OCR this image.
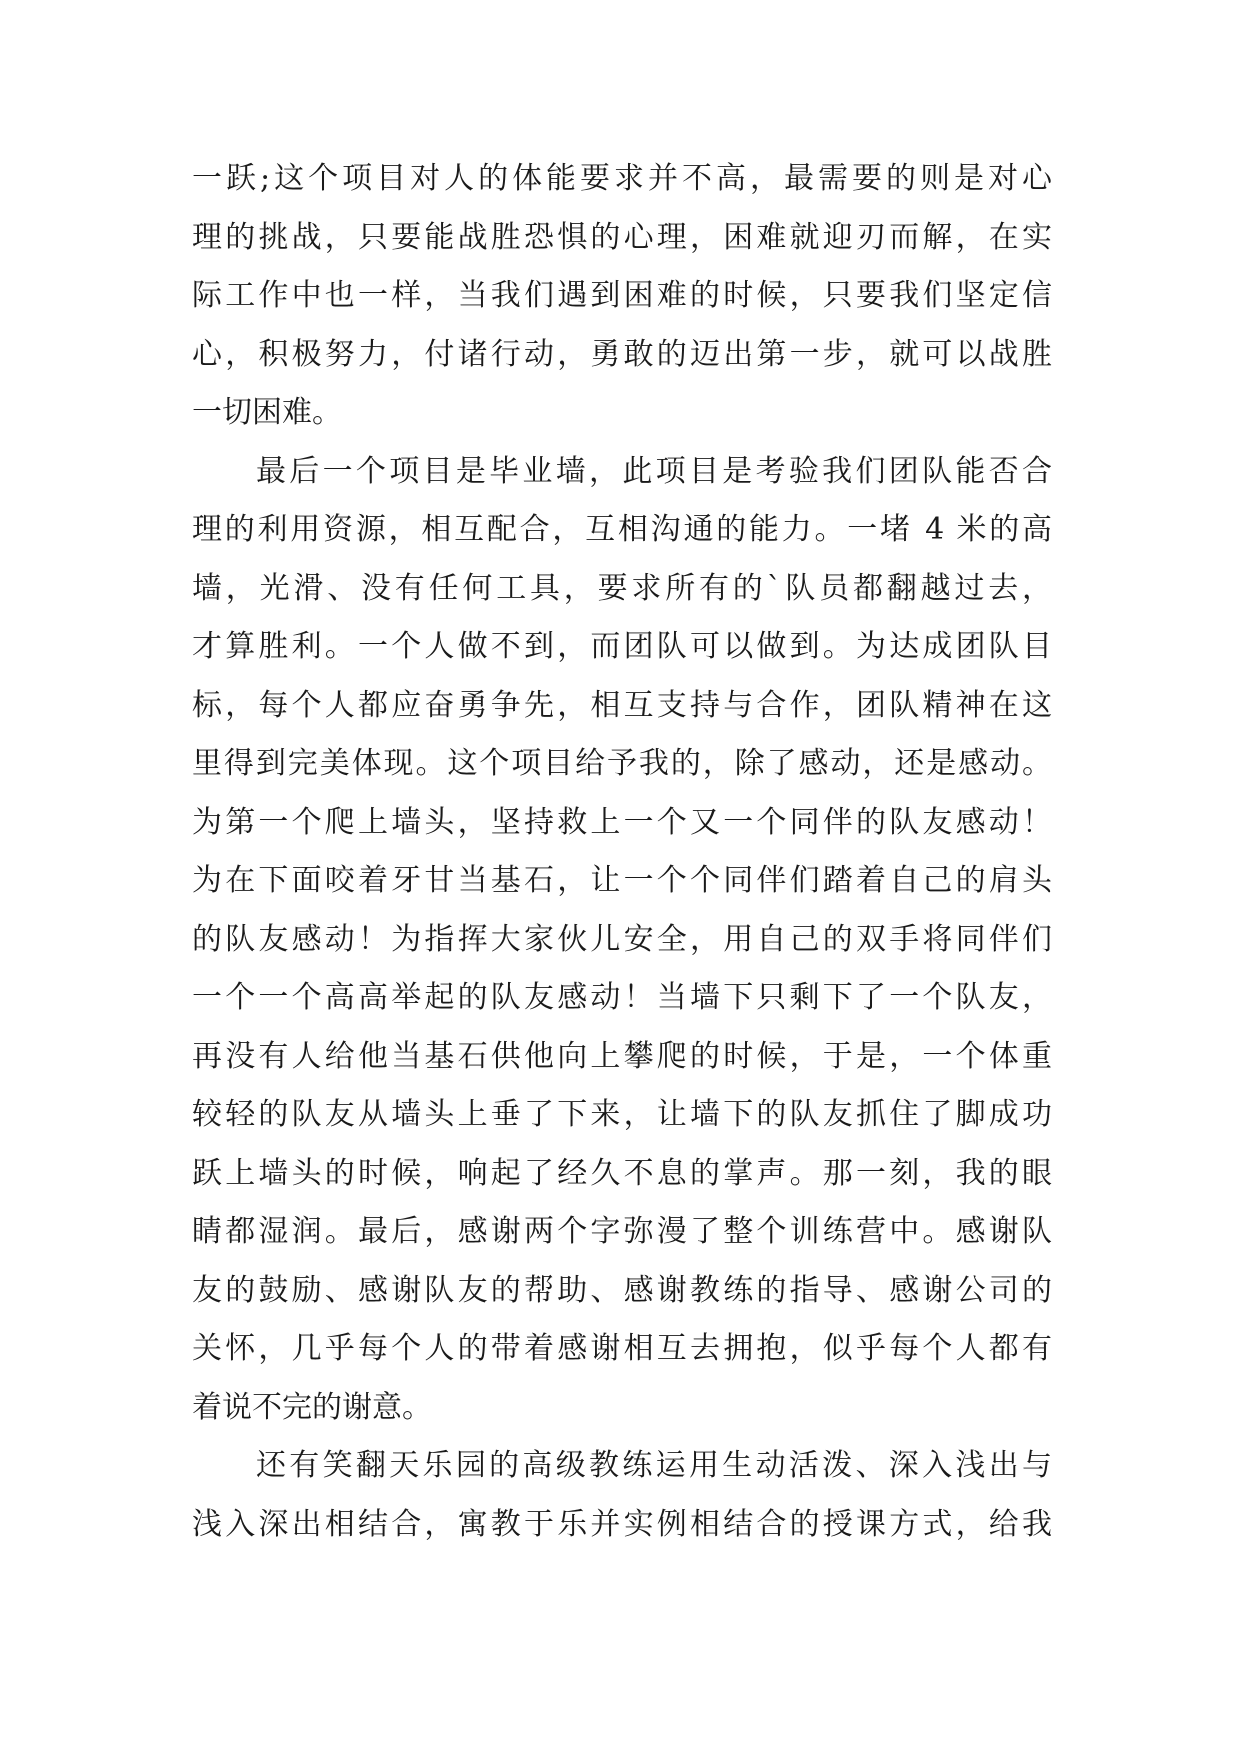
一跃;这个项目对人的体能要求并不高，最需要的则是对心
理的挑战，只要能战胜恐惧的心理，困难就迎刃而解，在实
际工作中也一样，当我们遇到困难的时候，只要我们坚定信
心，积极努力，付诸行动，勇敢的迈出第一步，就可以战胜
一切困难。
最后一个项目是毕业墙，此项目是考验我们团队能否合
理的利用资源，相互配合，互相沟通的能力。一堵 4 米的高
墙，光滑、没有任何工具，要求所有的`队员都翻越过去，
才算胜利。一个人做不到，而团队可以做到。为达成团队目
标，每个人都应奋勇争先，相互支持与合作，团队精神在这
里得到完美体现。这个项目给予我的，除了感动，还是感动。
为第一个爬上墙头，坚持救上一个又一个同伴的队友感动！
为在下面咬着牙甘当基石，让一个个同伴们踏着自己的肩头
的队友感动！为指挥大家伙儿安全，用自己的双手将同伴们
一个一个高高举起的队友感动！当墙下只剩下了一个队友，
再没有人给他当基石供他向上攀爬的时候，于是，一个体重
较轻的队友从墙头上垂了下来，让墙下的队友抓住了脚成功
跃上墙头的时候，响起了经久不息的掌声。那一刻，我的眼
睛都湿润。最后，感谢两个字弥漫了整个训练营中。感谢队
友的鼓励、感谢队友的帮助、感谢教练的指导、感谢公司的
关怀，几乎每个人的带着感谢相互去拥抱，似乎每个人都有
着说不完的谢意。
还有笑翻天乐园的高级教练运用生动活泼、深入浅出与
浅入深出相结合，寓教于乐并实例相结合的授课方式，给我
